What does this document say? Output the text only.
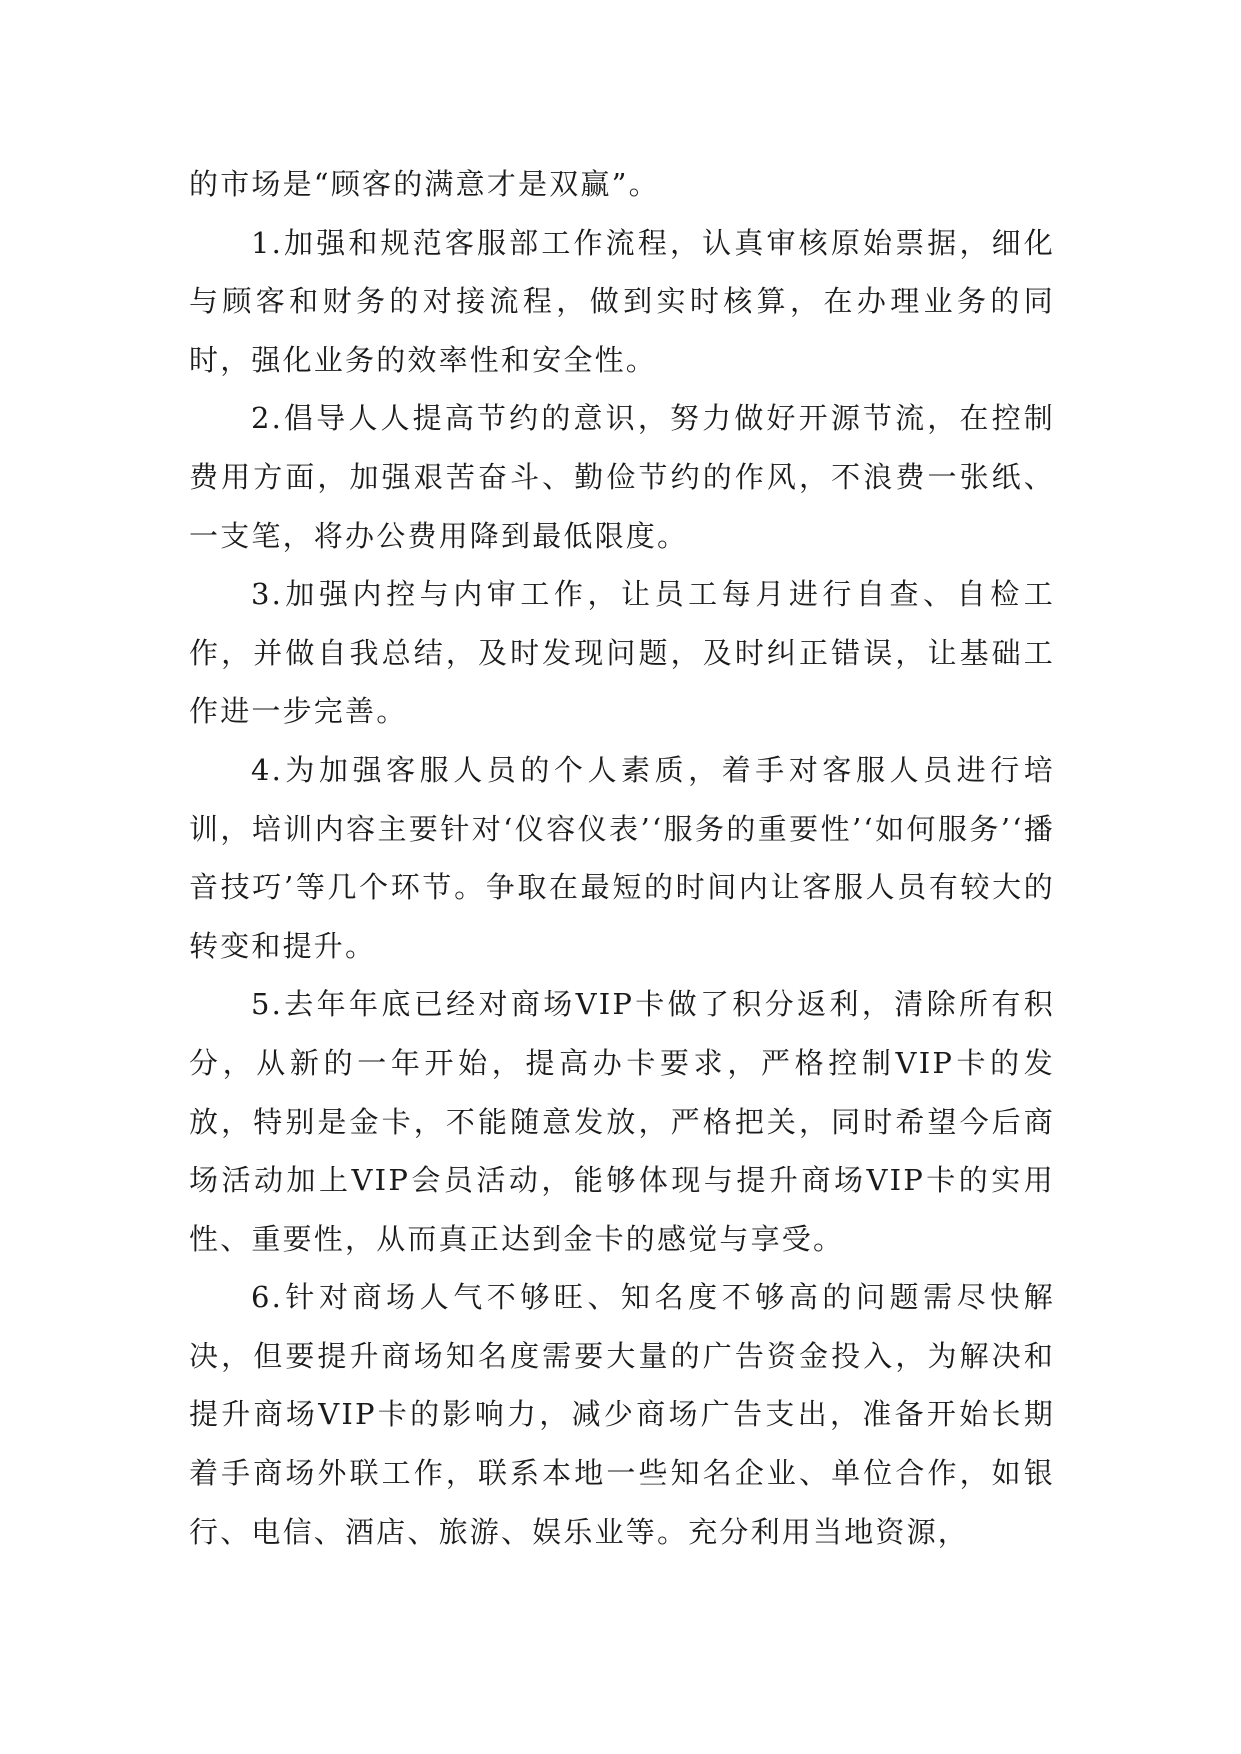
的市场是“顾客的满意才是双赢”。

1.加强和规范客服部工作流程，认真审核原始票据，细化与顾客和财务的对接流程，做到实时核算，在办理业务的同时，强化业务的效率性和安全性。

2.倡导人人提高节约的意识，努力做好开源节流，在控制费用方面，加强艰苦奋斗、勤俭节约的作风，不浪费一张纸、一支笔，将办公费用降到最低限度。

3.加强内控与内审工作，让员工每月进行自查、自检工作，并做自我总结，及时发现问题，及时纠正错误，让基础工作进一步完善。

4.为加强客服人员的个人素质，着手对客服人员进行培训，培训内容主要针对‘仪容仪表’‘服务的重要性’‘如何服务’‘播音技巧’等几个环节。争取在最短的时间内让客服人员有较大的转变和提升。

5.去年年底已经对商场VIP卡做了积分返利，清除所有积分，从新的一年开始，提高办卡要求，严格控制VIP卡的发放，特别是金卡，不能随意发放，严格把关，同时希望今后商场活动加上VIP会员活动，能够体现与提升商场VIP卡的实用性、重要性，从而真正达到金卡的感觉与享受。

6.针对商场人气不够旺、知名度不够高的问题需尽快解决，但要提升商场知名度需要大量的广告资金投入，为解决和提升商场VIP卡的影响力，减少商场广告支出，准备开始长期着手商场外联工作，联系本地一些知名企业、单位合作，如银行、电信、酒店、旅游、娱乐业等。充分利用当地资源，
